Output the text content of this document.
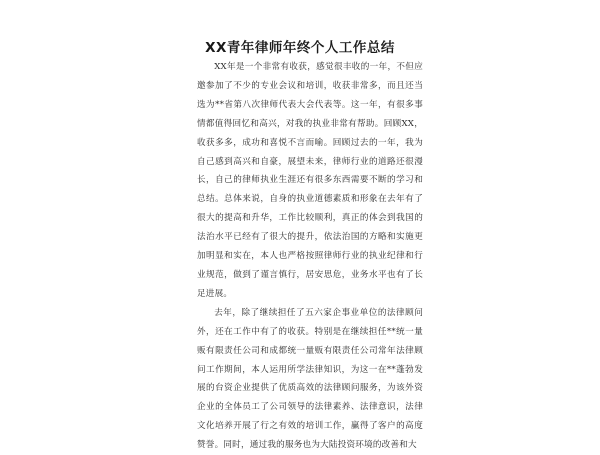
XX青年律师年终个人工作总结

XX年是一个非常有收获，感觉很丰收的一年，不但应邀参加了不少的专业会议和培训，收获非常多，而且还当选为**省第八次律师代表大会代表等。这一年，有很多事情都值得回忆和高兴，对我的执业非常有帮助。回顾XX，收获多多，成功和喜悦不言而喻。回顾过去的一年，我为自己感到高兴和自豪，展望未来，律师行业的道路还很漫长，自己的律师执业生涯还有很多东西需要不断的学习和总结。总体来说，自身的执业道德素质和形象在去年有了很大的提高和升华，工作比较顺利，真正的体会到我国的法治水平已经有了很大的提升，依法治国的方略和实施更加明显和实在，本人也严格按照律师行业的执业纪律和行业规范，做到了谨言慎行，居安思危，业务水平也有了长足进展。

去年，除了继续担任了五六家企事业单位的法律顾问外，还在工作中有了的收获。特别是在继续担任**统一量贩有限责任公司和成都统一量贩有限责任公司常年法律顾问工作期间，本人运用所学法律知识，为这一在**蓬勃发展的台资企业提供了优质高效的法律顾问服务，为该外资企业的全体员工了公司领导的法律素养、法律意识，法律文化培养开展了行之有效的培训工作，赢得了客户的高度赞誉。同时，通过我的服务也为大陆投资环境的改善和大
